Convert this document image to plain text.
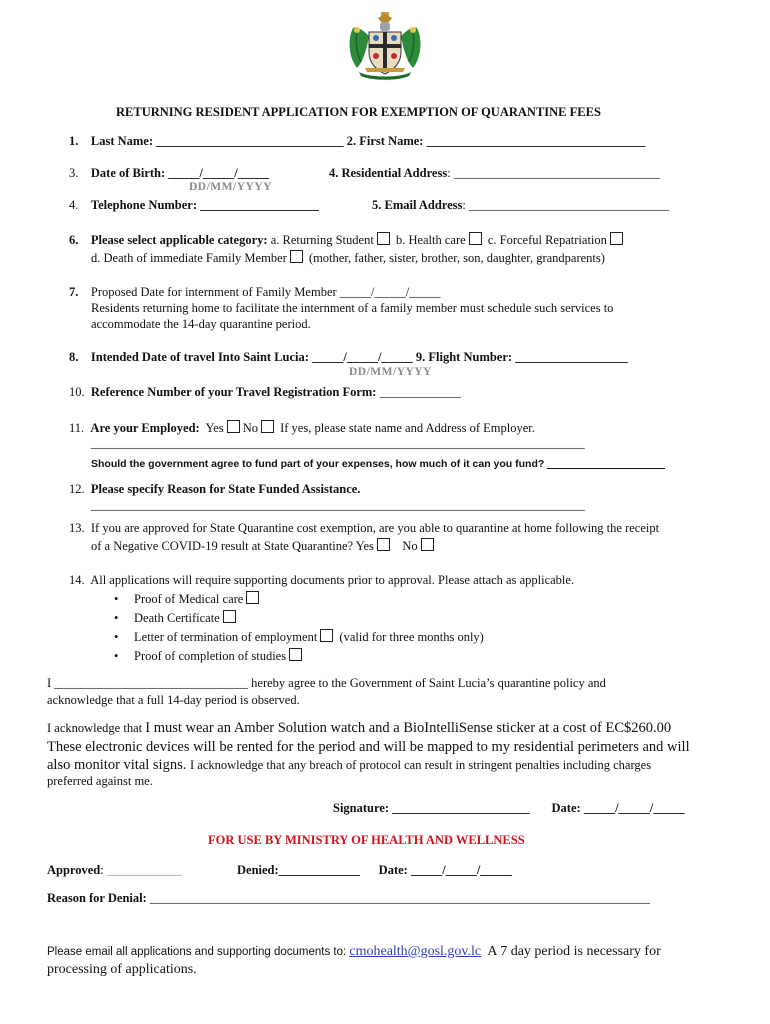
RETURNING RESIDENT APPLICATION FOR EXEMPTION OF QUARANTINE FEES
1. Last Name: ______________________________ 2. First Name: ___________________________________
3. Date of Birth: _____/_____/_____	4. Residential Address: _________________________________
DD/MM/YYYY
4. Telephone Number: ___________________	5. Email Address: ________________________________
6. Please select applicable category: a. Returning Student b. Health care c. Forceful Repatriation
d. Death of immediate Family Member (mother, father, sister, brother, son, daughter, grandparents)
7. Proposed Date for internment of Family Member _____/_____/_____
Residents returning home to facilitate the internment of a family member must schedule such services to
accommodate the 14-day quarantine period.
8. Intended Date of travel Into Saint Lucia: _____/_____/_____ 9. Flight Number: __________________
DD/MM/YYYY
10. Reference Number of your Travel Registration Form: _____________
11. Are your Employed: Yes No If yes, please state name and Address of Employer.
_______________________________________________________________________________
Should the government agree to fund part of your expenses, how much of it can you fund?
12. Please specify Reason for State Funded Assistance.
_______________________________________________________________________________
13. If you are approved for State Quarantine cost exemption, are you able to quarantine at home following the receipt
of a Negative COVID-19 result at State Quarantine? Yes No
14. All applications will require supporting documents prior to approval. Please attach as applicable.
• Proof of Medical care
• Death Certificate
• Letter of termination of employment (valid for three months only)
• Proof of completion of studies
I _______________________________ hereby agree to the Government of Saint Lucia’s quarantine policy and
acknowledge that a full 14-day period is observed.
I acknowledge that I must wear an Amber Solution watch and a BioIntelliSense sticker at a cost of EC$260.00
These electronic devices will be rented for the period and will be mapped to my residential perimeters and will
also monitor vital signs. I acknowledge that any breach of protocol can result in stringent penalties including charges
preferred against me.
Signature: ______________________ Date: _____/_____/_____
FOR USE BY MINISTRY OF HEALTH AND WELLNESS
Approved: ____________	Denied:_____________ Date: _____/_____/_____
Reason for Denial: ________________________________________________________________________________
Please email all applications and supporting documents to: cmohealth@gosl.gov.lc  A 7 day period is necessary for
processing of applications.
